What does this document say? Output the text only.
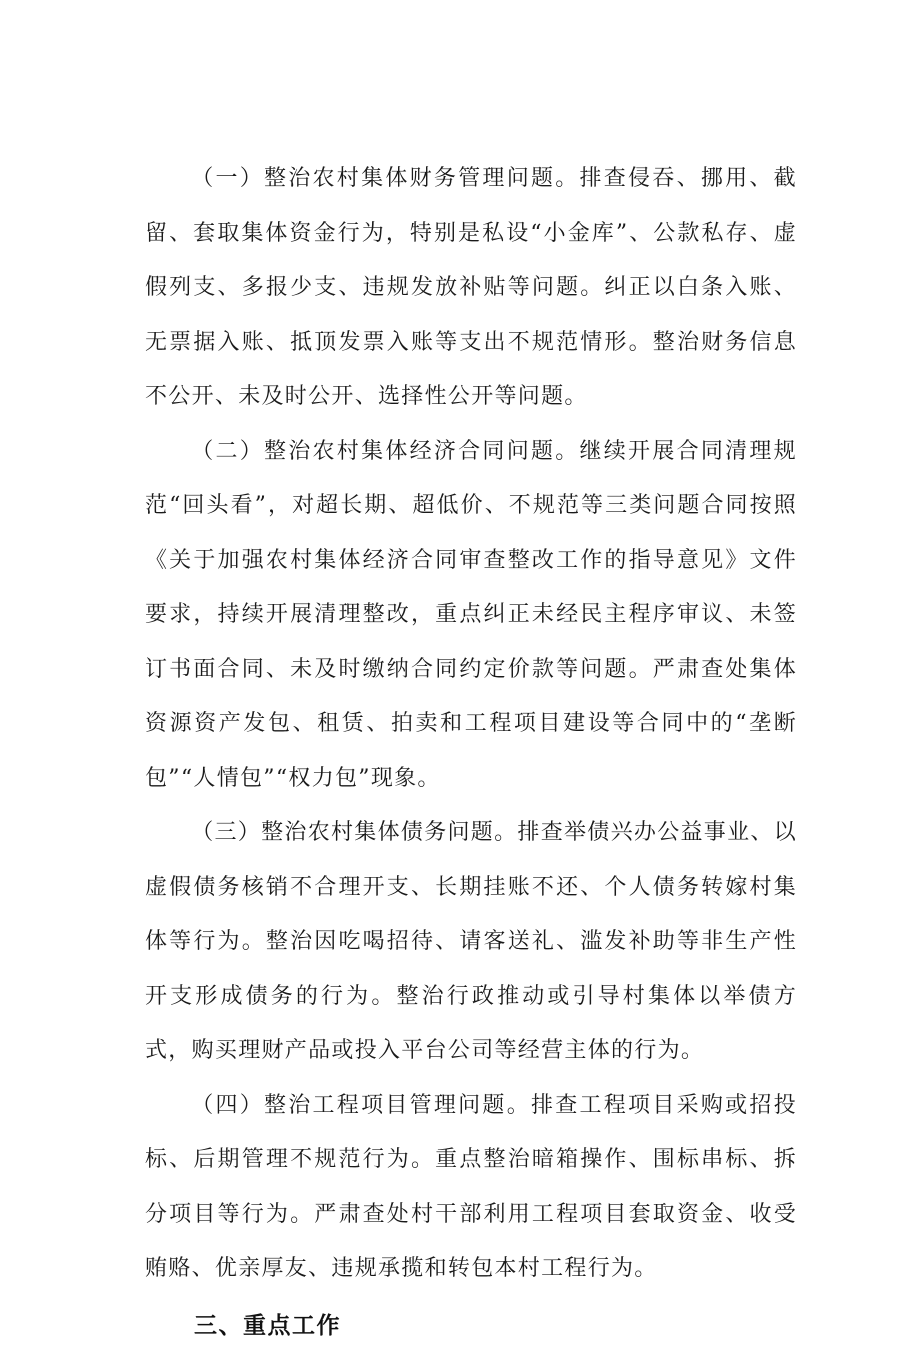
（一）整治农村集体财务管理问题。排查侵吞、挪用、截留、套取集体资金行为，特别是私设“小金库”、公款私存、虚假列支、多报少支、违规发放补贴等问题。纠正以白条入账、无票据入账、抵顶发票入账等支出不规范情形。整治财务信息不公开、未及时公开、选择性公开等问题。

（二）整治农村集体经济合同问题。继续开展合同清理规范“回头看”，对超长期、超低价、不规范等三类问题合同按照《关于加强农村集体经济合同审查整改工作的指导意见》文件要求，持续开展清理整改，重点纠正未经民主程序审议、未签订书面合同、未及时缴纳合同约定价款等问题。严肃查处集体资源资产发包、租赁、拍卖和工程项目建设等合同中的“垄断包”“人情包”“权力包”现象。

（三）整治农村集体债务问题。排查举债兴办公益事业、以虚假债务核销不合理开支、长期挂账不还、个人债务转嫁村集体等行为。整治因吃喝招待、请客送礼、滥发补助等非生产性开支形成债务的行为。整治行政推动或引导村集体以举债方式，购买理财产品或投入平台公司等经营主体的行为。

（四）整治工程项目管理问题。排查工程项目采购或招投标、后期管理不规范行为。重点整治暗箱操作、围标串标、拆分项目等行为。严肃查处村干部利用工程项目套取资金、收受贿赂、优亲厚友、违规承揽和转包本村工程行为。

三、重点工作
